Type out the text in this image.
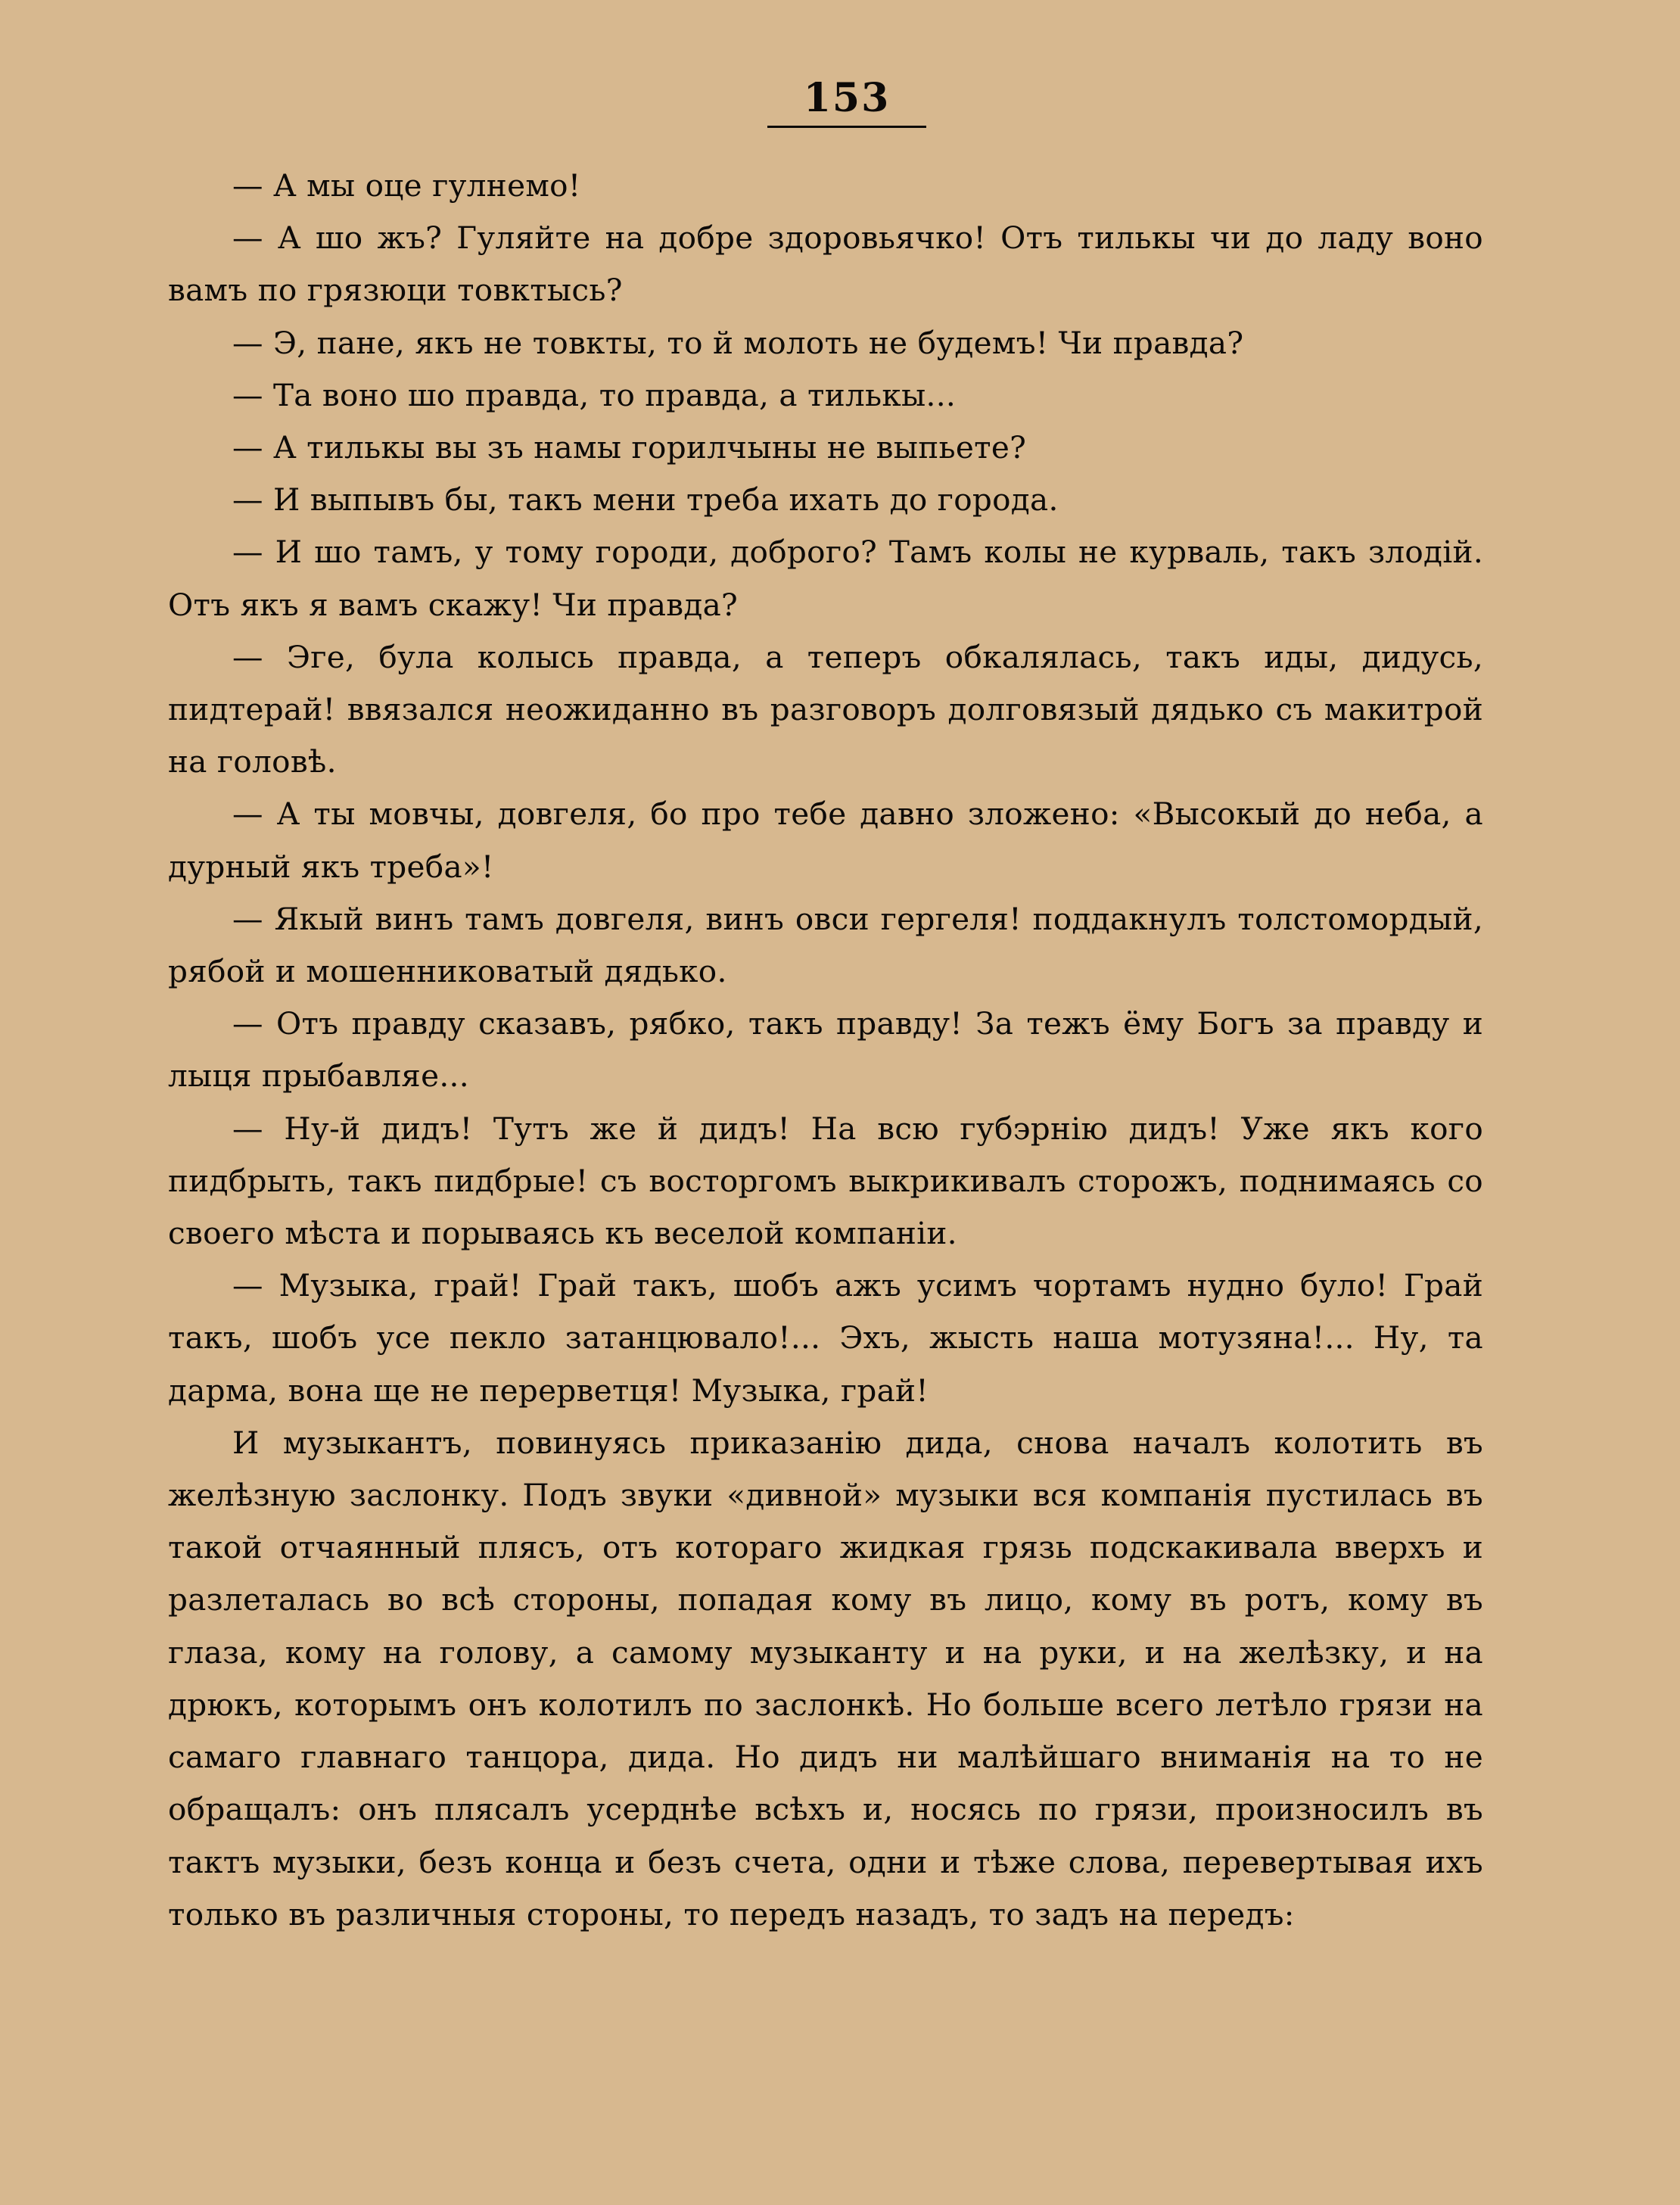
153

— А мы оце гулнемо!

— А шо жъ? Гуляйте на добре здоровьячко! Отъ тилькы чи до ладу воно вамъ по грязюци товктысь?

— Э, пане, якъ не товкты, то й молоть не будемъ! Чи правда?

— Та воно шо правда, то правда, а тилькы...

— А тилькы вы зъ намы горилчыны не выпьете?

— И выпывъ бы, такъ мени треба ихать до города.

— И шо тамъ, у тому городи, доброго? Тамъ колы не курваль, такъ злодій. Отъ якъ я вамъ скажу! Чи правда?

— Эге, була колысь правда, а теперъ обкалялась, такъ иды, дидусь, пидтерай! ввязался неожиданно въ разговоръ долговязый дядько съ макитрой на головѣ.

— А ты мовчы, довгеля, бо про тебе давно зложено: «Высокый до неба, а дурный якъ треба»!

— Якый винъ тамъ довгеля, винъ овси гергеля! поддакнулъ толстомордый, рябой и мошенниковатый дядько.

— Отъ правду сказавъ, рябко, такъ правду! За тежъ ёму Богъ за правду и лыця прыбавляе...

— Ну-й дидъ! Тутъ же й дидъ! На всю губэрнію дидъ! Уже якъ кого пидбрыть, такъ пидбрые! съ восторгомъ выкрикивалъ сторожъ, поднимаясь со своего мѣста и порываясь къ веселой компаніи.

— Музыка, грай! Грай такъ, шобъ ажъ усимъ чортамъ нудно було! Грай такъ, шобъ усе пекло затанцювало!... Эхъ, жысть наша мотузяна!... Ну, та дарма, вона ще не перерветця! Музыка, грай!

И музыкантъ, повинуясь приказанію дида, снова началъ колотить въ желѣзную заслонку. Подъ звуки «дивной» музыки вся компанія пустилась въ такой отчаянный плясъ, отъ котораго жидкая грязь подскакивала вверхъ и разлеталась во всѣ стороны, попадая кому въ лицо, кому въ ротъ, кому въ глаза, кому на голову, а самому музыканту и на руки, и на желѣзку, и на дрюкъ, которымъ онъ колотилъ по заслонкѣ. Но больше всего летѣло грязи на самаго главнаго танцора, дида. Но дидъ ни малѣйшаго вниманія на то не обращалъ: онъ плясалъ усерднѣе всѣхъ и, носясь по грязи, произносилъ въ тактъ музыки, безъ конца и безъ счета, одни и тѣже слова, перевертывая ихъ только въ различныя стороны, то передъ назадъ, то задъ на передъ:
